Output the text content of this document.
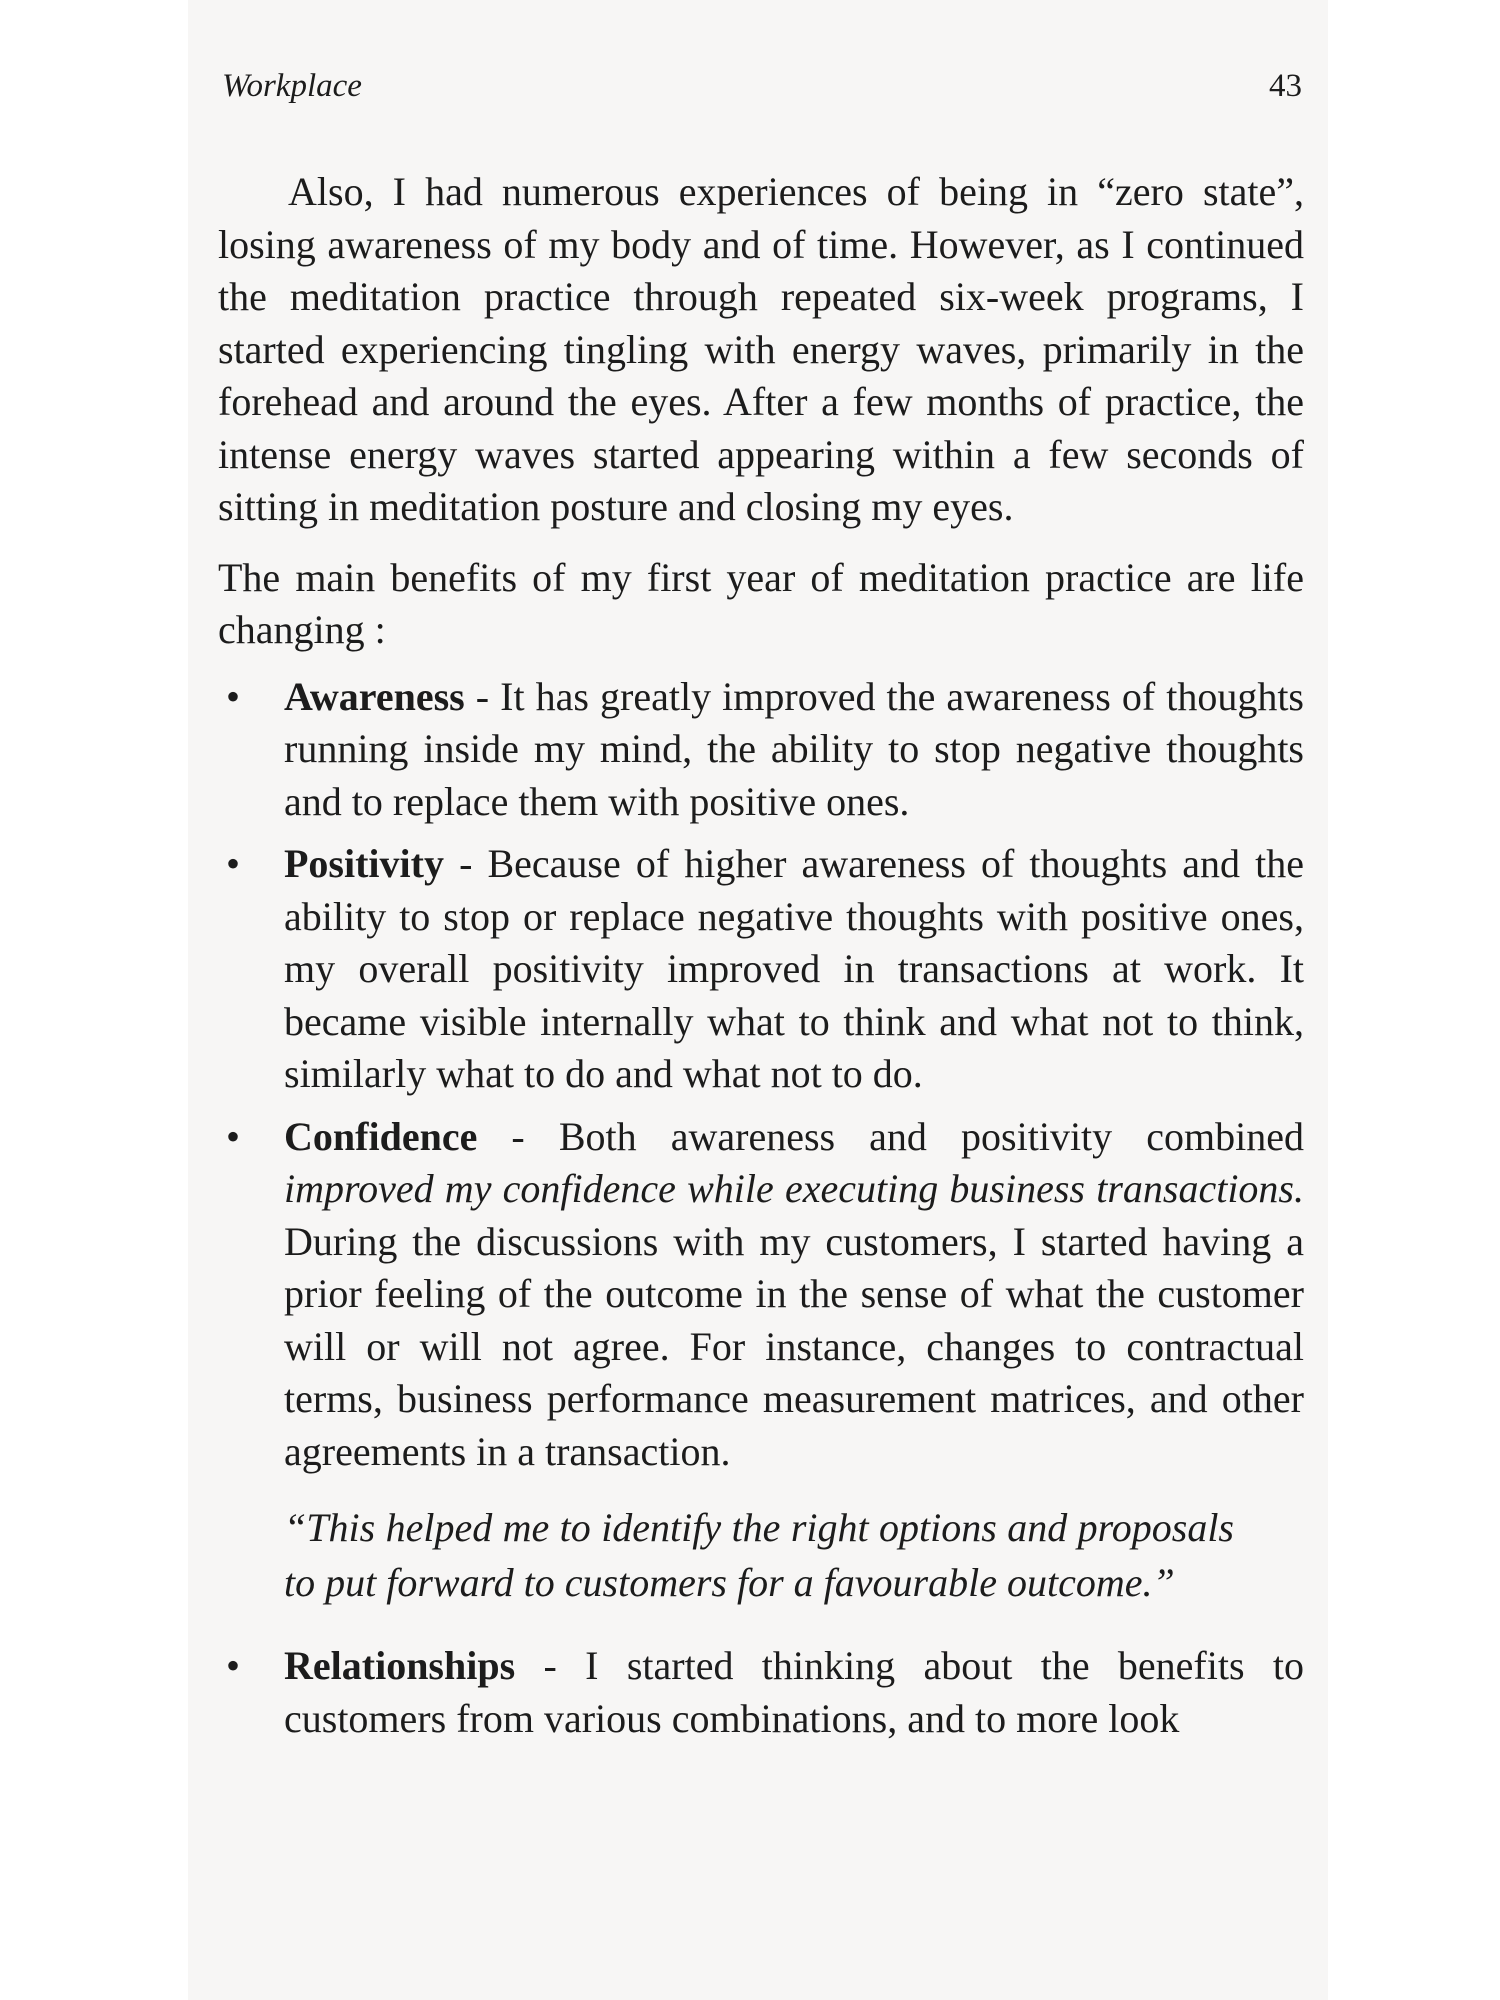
Workplace	43

Also, I had numerous experiences of being in “zero state”, losing awareness of my body and of time. However, as I continued the meditation practice through repeated six-week programs, I started experiencing tingling with energy waves, primarily in the forehead and around the eyes. After a few months of practice, the intense energy waves started appearing within a few seconds of sitting in meditation posture and closing my eyes.

The main benefits of my first year of meditation practice are life changing :

• Awareness - It has greatly improved the awareness of thoughts running inside my mind, the ability to stop negative thoughts and to replace them with positive ones.
• Positivity - Because of higher awareness of thoughts and the ability to stop or replace negative thoughts with positive ones, my overall positivity improved in transactions at work. It became visible internally what to think and what not to think, similarly what to do and what not to do.
• Confidence - Both awareness and positivity combined improved my confidence while executing business transactions. During the discussions with my customers, I started having a prior feeling of the outcome in the sense of what the customer will or will not agree. For instance, changes to contractual terms, business performance measurement matrices, and other agreements in a transaction.

“This helped me to identify the right options and proposals to put forward to customers for a favourable outcome.”

• Relationships - I started thinking about the benefits to customers from various combinations, and to more look
